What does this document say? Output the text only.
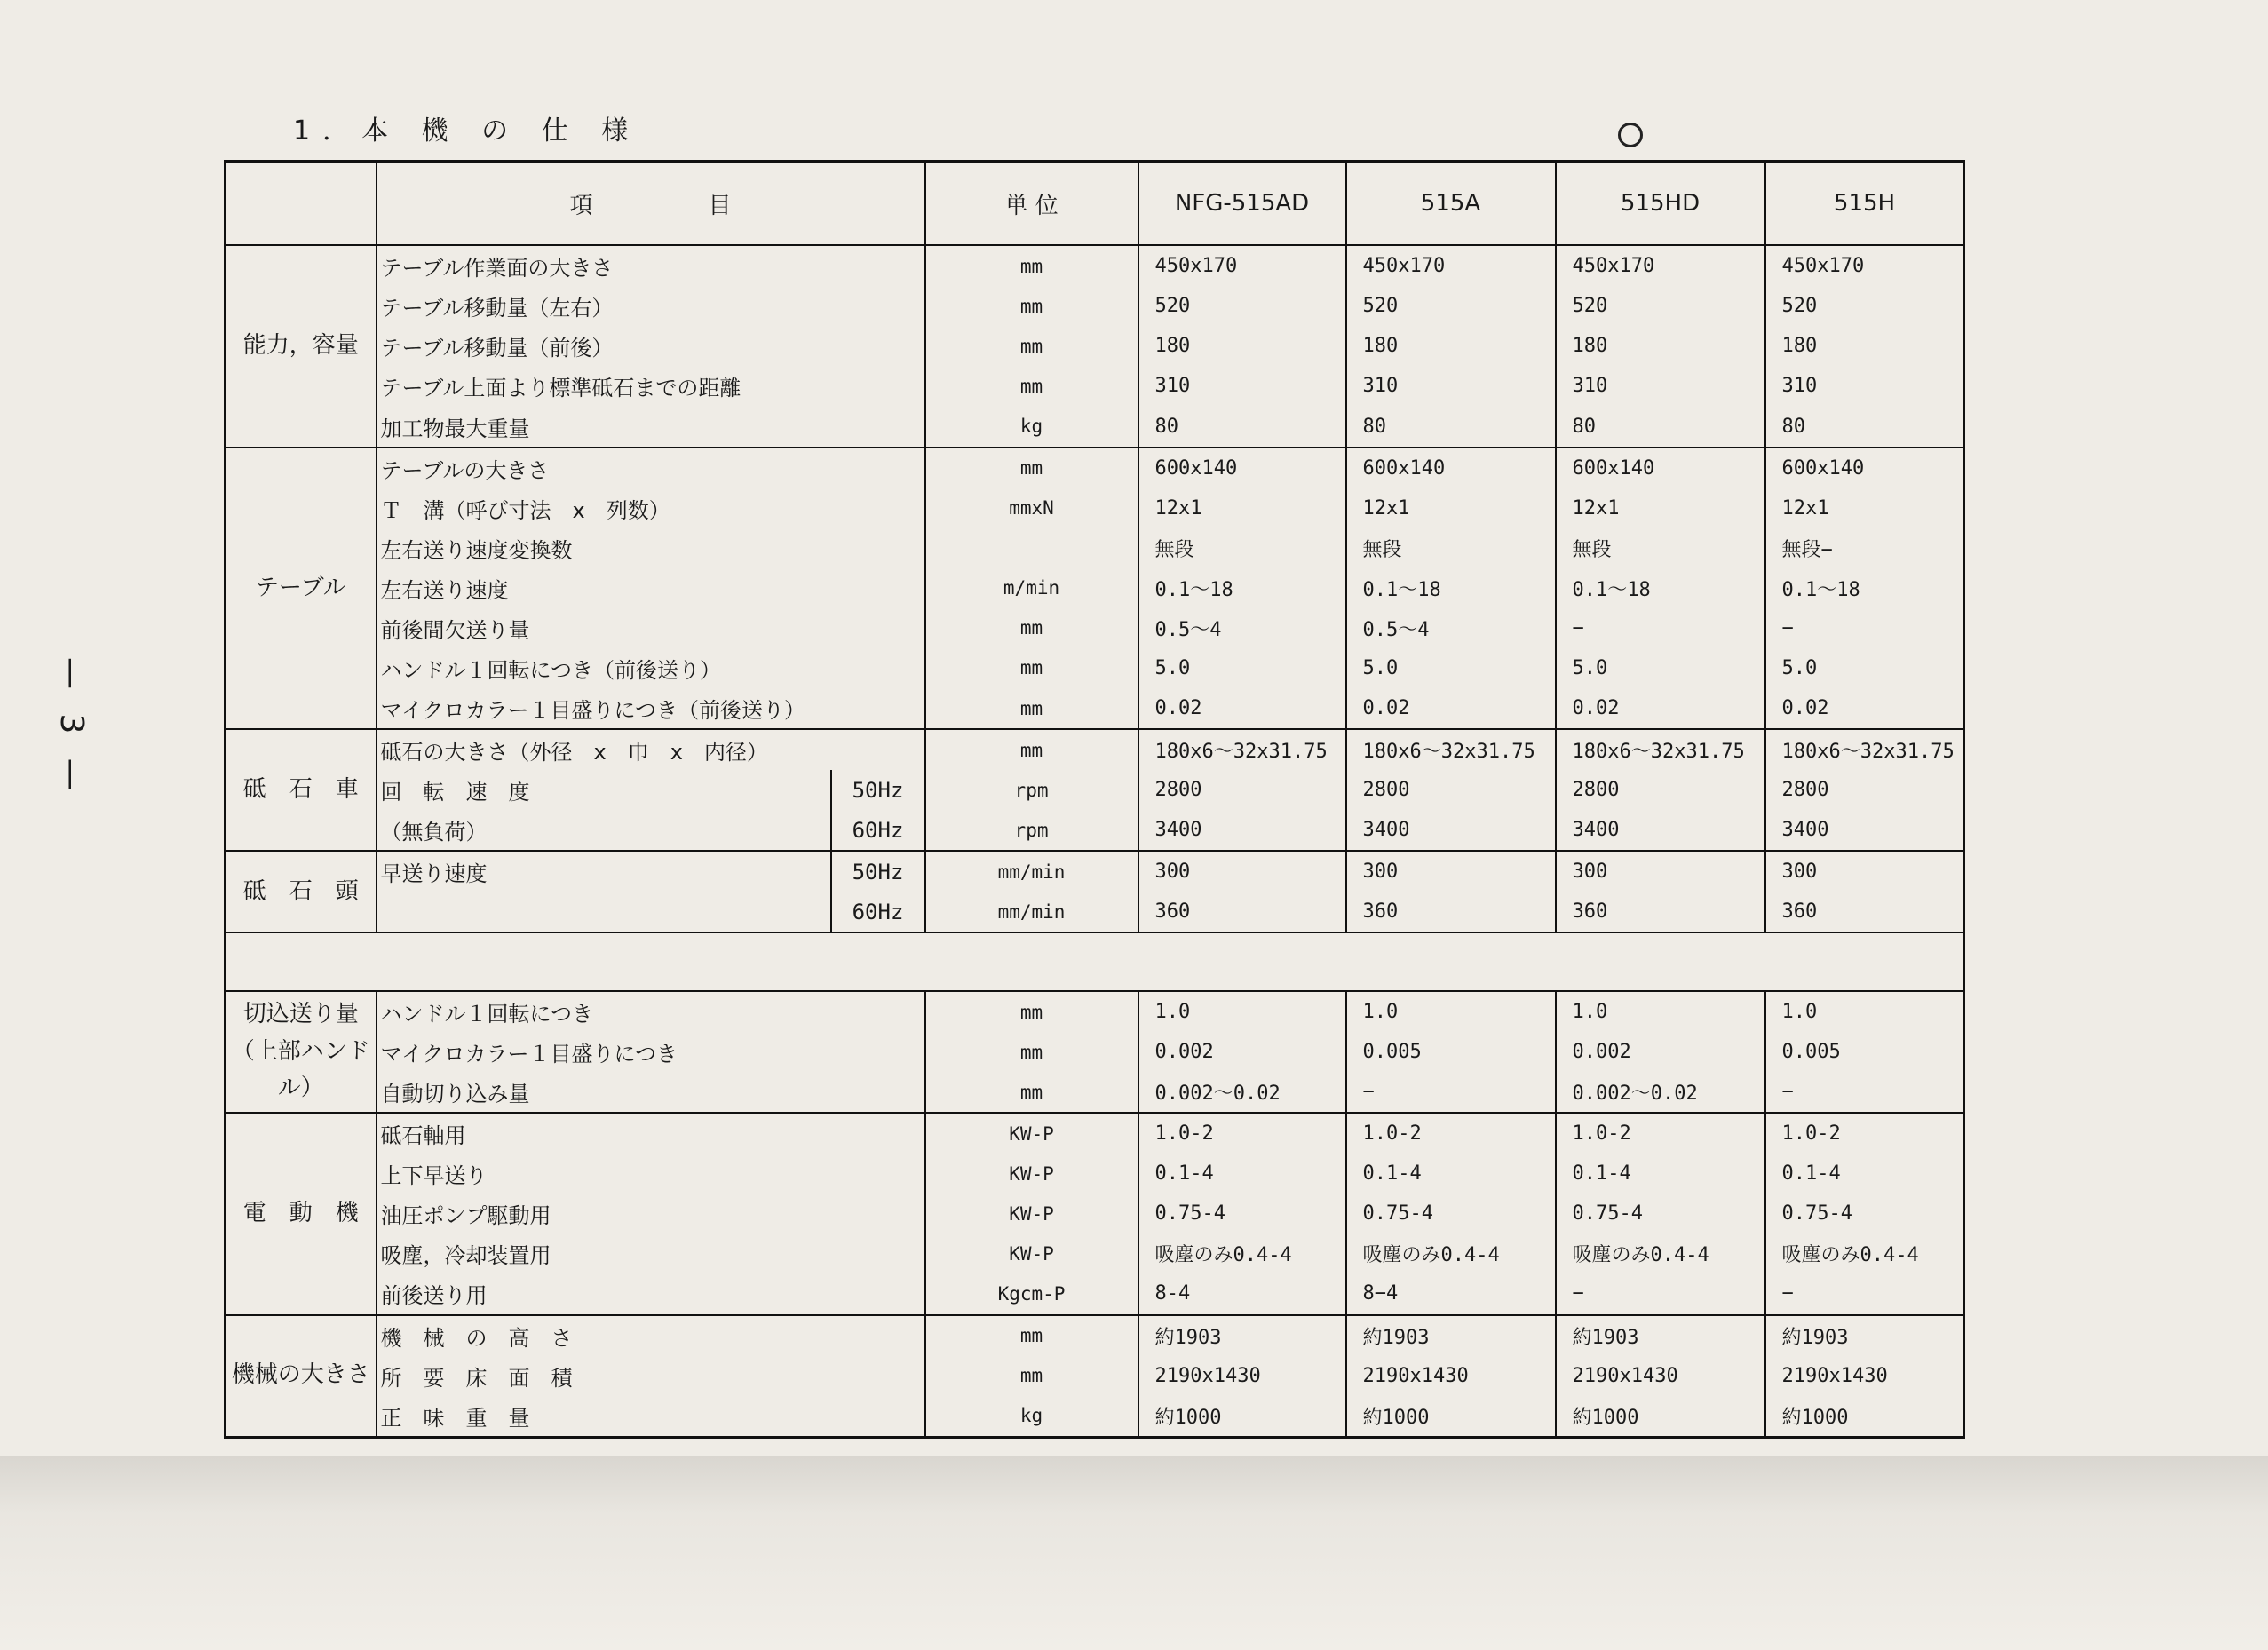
1．本 機 の 仕 様
— 3 —
	項　　　　　目		単 位	NFG-515AD	515A	515HD	515H	
能力，容量	テーブル作業面の大きさ		mm	450x170	450x170	450x170	450x170	
	テーブル移動量（左右）		mm	520	520	520	520	
	テーブル移動量（前後）		mm	180	180	180	180	
	テーブル上面より標準砥石までの距離		mm	310	310	310	310	
	加工物最大重量		kg	80	80	80	80	
テーブル	テーブルの大きさ		mm	600x140	600x140	600x140	600x140	
	Ｔ　溝（呼び寸法　x　列数）		mmxN	12x1	12x1	12x1	12x1	
	左右送り速度変換数			無段	無段	無段	無段−	
	左右送り速度		m/min	0.1〜18	0.1〜18	0.1〜18	0.1〜18	
	前後間欠送り量		mm	0.5〜4	0.5〜4	−	−	
	ハンドル１回転につき（前後送り）		mm	5.0	5.0	5.0	5.0	
	マイクロカラー１目盛りにつき（前後送り）		mm	0.02	0.02	0.02	0.02	
砥　石　車	砥石の大きさ（外径　x　巾　x　内径）		mm	180x6〜32x31.75	180x6〜32x31.75	180x6〜32x31.75	180x6〜32x31.75	
	回　転　速　度	50Hz	rpm	2800	2800	2800	2800	
	（無負荷）	60Hz	rpm	3400	3400	3400	3400	
砥　石　頭	早送り速度	50Hz	mm/min	300	300	300	300	
		60Hz	mm/min	360	360	360	360	

切込送り量（上部ハンドル）	ハンドル１回転につき		mm	1.0	1.0	1.0	1.0	
	マイクロカラー１目盛りにつき		mm	0.002	0.005	0.002	0.005	
	自動切り込み量		mm	0.002〜0.02	−	0.002〜0.02	−	
電　動　機	砥石軸用		KW-P	1.0-2	1.0-2	1.0-2	1.0-2	
	上下早送り		KW-P	0.1-4	0.1-4	0.1-4	0.1-4	
	油圧ポンプ駆動用		KW-P	0.75-4	0.75-4	0.75-4	0.75-4	
	吸塵，冷却装置用		KW-P	吸塵のみ0.4-4	吸塵のみ0.4-4	吸塵のみ0.4-4	吸塵のみ0.4-4	
	前後送り用		Kgcm-P	8-4	8−4	−	−	
機械の大きさ	機　械　の　高　さ		mm	約1903	約1903	約1903	約1903	
	所　要　床　面　積		mm	2190x1430	2190x1430	2190x1430	2190x1430	
	正　味　重　量		kg	約1000	約1000	約1000	約1000	
